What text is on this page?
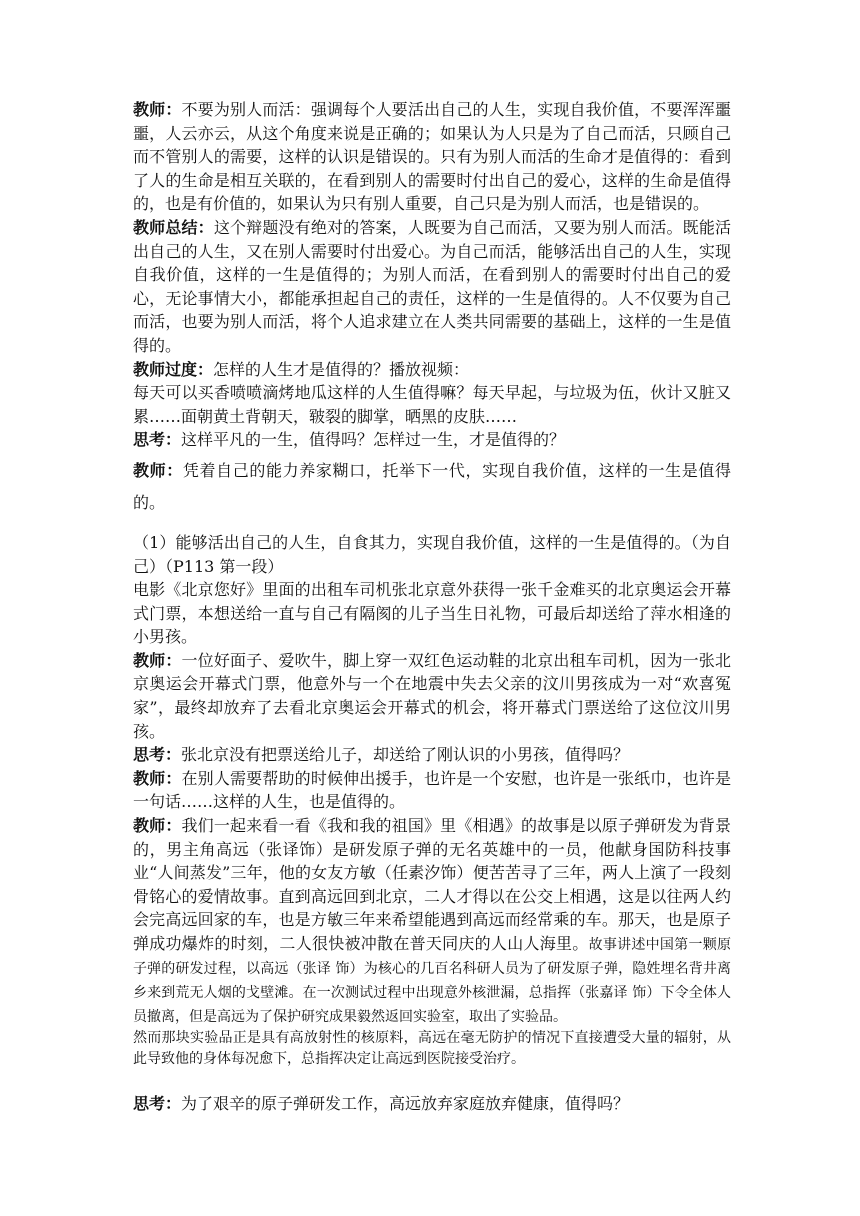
教师：不要为别人而活：强调每个人要活出自己的人生，实现自我价值，不要浑浑噩噩，人云亦云，从这个角度来说是正确的；如果认为人只是为了自己而活，只顾自己而不管别人的需要，这样的认识是错误的。只有为别人而活的生命才是值得的：看到了人的生命是相互关联的，在看到别人的需要时付出自己的爱心，这样的生命是值得的，也是有价值的，如果认为只有别人重要，自己只是为别人而活，也是错误的。

教师总结：这个辩题没有绝对的答案，人既要为自己而活，又要为别人而活。既能活出自己的人生，又在别人需要时付出爱心。为自己而活，能够活出自己的人生，实现自我价值，这样的一生是值得的；为别人而活，在看到别人的需要时付出自己的爱心，无论事情大小，都能承担起自己的责任，这样的一生是值得的。人不仅要为自己而活，也要为别人而活，将个人追求建立在人类共同需要的基础上，这样的一生是值得的。

教师过度：怎样的人生才是值得的？播放视频：

每天可以买香喷喷滴烤地瓜这样的人生值得嘛？每天早起，与垃圾为伍，伙计又脏又累……面朝黄土背朝天，皲裂的脚掌，晒黑的皮肤……

思考：这样平凡的一生，值得吗？怎样过一生，才是值得的？

教师：凭着自己的能力养家糊口，托举下一代，实现自我价值，这样的一生是值得的。

（1）能够活出自己的人生，自食其力，实现自我价值，这样的一生是值得的。（为自己）（P113 第一段）

电影《北京您好》里面的出租车司机张北京意外获得一张千金难买的北京奥运会开幕式门票，本想送给一直与自己有隔阂的儿子当生日礼物，可最后却送给了萍水相逢的小男孩。

教师：一位好面子、爱吹牛，脚上穿一双红色运动鞋的北京出租车司机，因为一张北京奥运会开幕式门票，他意外与一个在地震中失去父亲的汶川男孩成为一对“欢喜冤家”，最终却放弃了去看北京奥运会开幕式的机会，将开幕式门票送给了这位汶川男孩。

思考：张北京没有把票送给儿子，却送给了刚认识的小男孩，值得吗？

教师：在别人需要帮助的时候伸出援手，也许是一个安慰，也许是一张纸巾，也许是一句话……这样的人生，也是值得的。

教师：我们一起来看一看《我和我的祖国》里《相遇》的故事是以原子弹研发为背景的，男主角高远（张译饰）是研发原子弹的无名英雄中的一员，他献身国防科技事业“人间蒸发”三年，他的女友方敏（任素汐饰）便苦苦寻了三年，两人上演了一段刻骨铭心的爱情故事。直到高远回到北京，二人才得以在公交上相遇，这是以往两人约会完高远回家的车，也是方敏三年来希望能遇到高远而经常乘的车。那天，也是原子弹成功爆炸的时刻，二人很快被冲散在普天同庆的人山人海里。故事讲述中国第一颗原子弹的研发过程，以高远（张译 饰）为核心的几百名科研人员为了研发原子弹，隐姓埋名背井离乡来到荒无人烟的戈壁滩。在一次测试过程中出现意外核泄漏，总指挥（张嘉译 饰）下令全体人员撤离，但是高远为了保护研究成果毅然返回实验室，取出了实验品。

然而那块实验品正是具有高放射性的核原料，高远在毫无防护的情况下直接遭受大量的辐射，从此导致他的身体每况愈下，总指挥决定让高远到医院接受治疗。

思考：为了艰辛的原子弹研发工作，高远放弃家庭放弃健康，值得吗？
